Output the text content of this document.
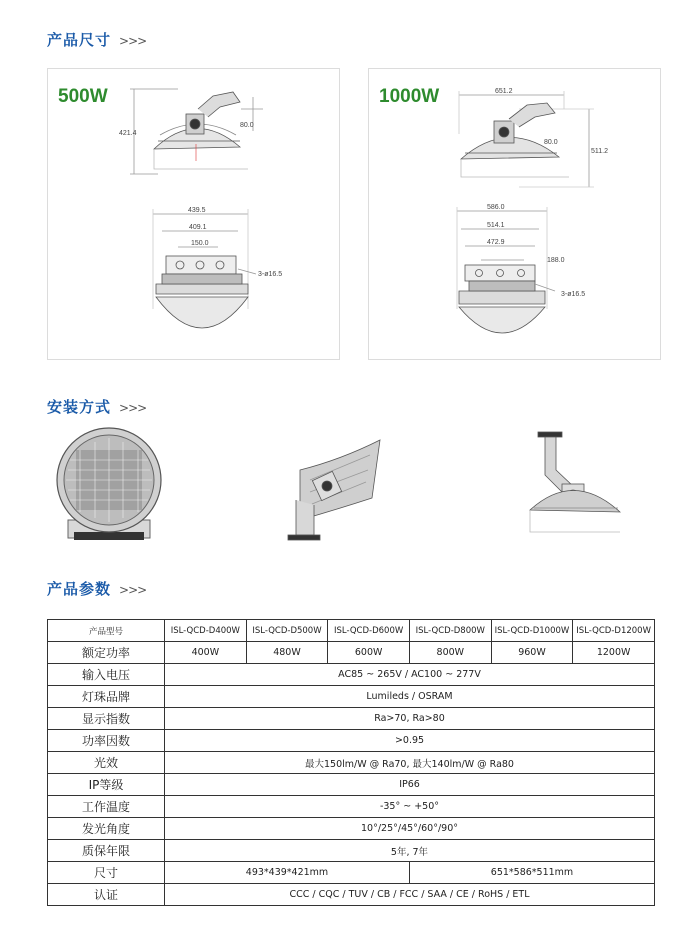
产品尺寸 >>>
500W
421.4
80.0
439.5
409.1
150.0
3-ø16.5
1000W	651.2
511.2
80.0
586.0
514.1
472.9
188.0
3-ø16.5
安装方式 >>>
产品参数 >>>
产品型号	ISL-QCD-D400W	ISL-QCD-D500W	ISL-QCD-D600W	ISL-QCD-D800W	ISL-QCD-D1000W	ISL-QCD-D1200W
额定功率	400W	480W	600W	800W	960W	1200W
输入电压	AC85 ~ 265V / AC100 ~ 277V					
灯珠品牌	Lumileds / OSRAM					
显示指数	Ra>70, Ra>80					
功率因数	>0.95					
光效	最大150lm/W @ Ra70, 最大140lm/W @ Ra80					
IP等级	IP66					
工作温度	-35° ~ +50°					
发光角度	10°/25°/45°/60°/90°					
质保年限	5年, 7年					
尺寸	493*439*421mm			651*586*511mm		
认证	CCC / CQC / TUV / CB / FCC / SAA / CE / RoHS / ETL					
